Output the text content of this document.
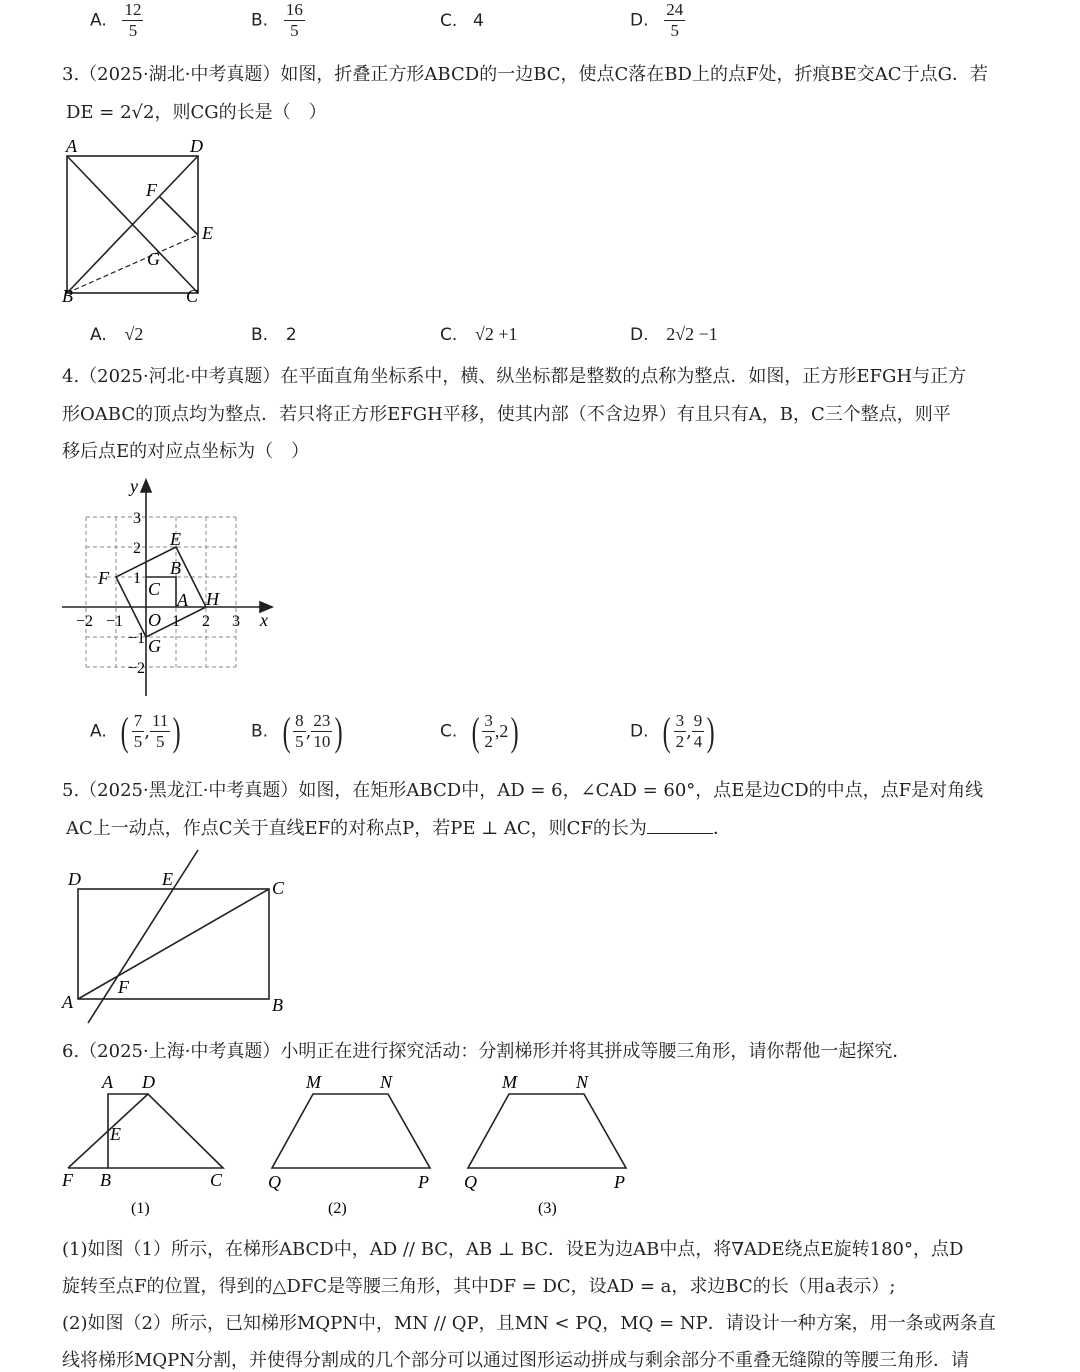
A. $\frac{12}{5}$	B. $\frac{16}{5}$	C. 4	D. $\frac{24}{5}$
3.（2025·湖北·中考真题）如图，折叠正方形ABCD的一边BC，使点C落在BD上的点F处，折痕BE交AC于点G．若
DE = 2√2，则CG的长是（　）
A	D
F
E
G
B	C
A. √2	B. 2	C. √2 +1	D. 2√2 −1
4.（2025·河北·中考真题）在平面直角坐标系中，横、纵坐标都是整数的点称为整点．如图，正方形EFGH与正方
形OABC的顶点均为整点．若只将正方形EFGH平移，使其内部（不含边界）有且只有A，B，C三个整点，则平
移后点E的对应点坐标为（　）
y
x
E
F	B
C
A H
O
G
3
2
1
−1
−2
−2 −1	1 2 3
A. ( $\frac{7}{5}$ , $\frac{11}{5}$ )	B. ( $\frac{8}{5}$ , $\frac{23}{10}$ )	C. ( $\frac{3}{2} ,2$)	D. ( $\frac{3}{2}$ , $\frac{9}{4}$ )
5.（2025·黑龙江·中考真题）如图，在矩形ABCD中，AD = 6，∠CAD = 60°，点E是边CD的中点，点F是对角线
AC上一动点，作点C关于直线EF的对称点P，若PE ⊥ AC，则CF的长为	．
D	E	C
A
F
B
6.（2025·上海·中考真题）小明正在进行探究活动：分割梯形并将其拼成等腰三角形，请你帮他一起探究．
A D
E
F B	C
(1)
M	N
Q	P
(2)
M	N
Q	P
(3)
(1)如图（1）所示，在梯形ABCD中，AD // BC，AB ⊥ BC．设E为边AB中点，将∇ADE绕点E旋转180°，点D
旋转至点F的位置，得到的△DFC是等腰三角形，其中DF = DC，设AD = a，求边BC的长（用a表示）;
(2)如图（2）所示，已知梯形MQPN中，MN // QP，且MN < PQ，MQ = NP．请设计一种方案，用一条或两条直
线将梯形MQPN分割，并使得分割成的几个部分可以通过图形运动拼成与剩余部分不重叠无缝隙的等腰三角形．请
